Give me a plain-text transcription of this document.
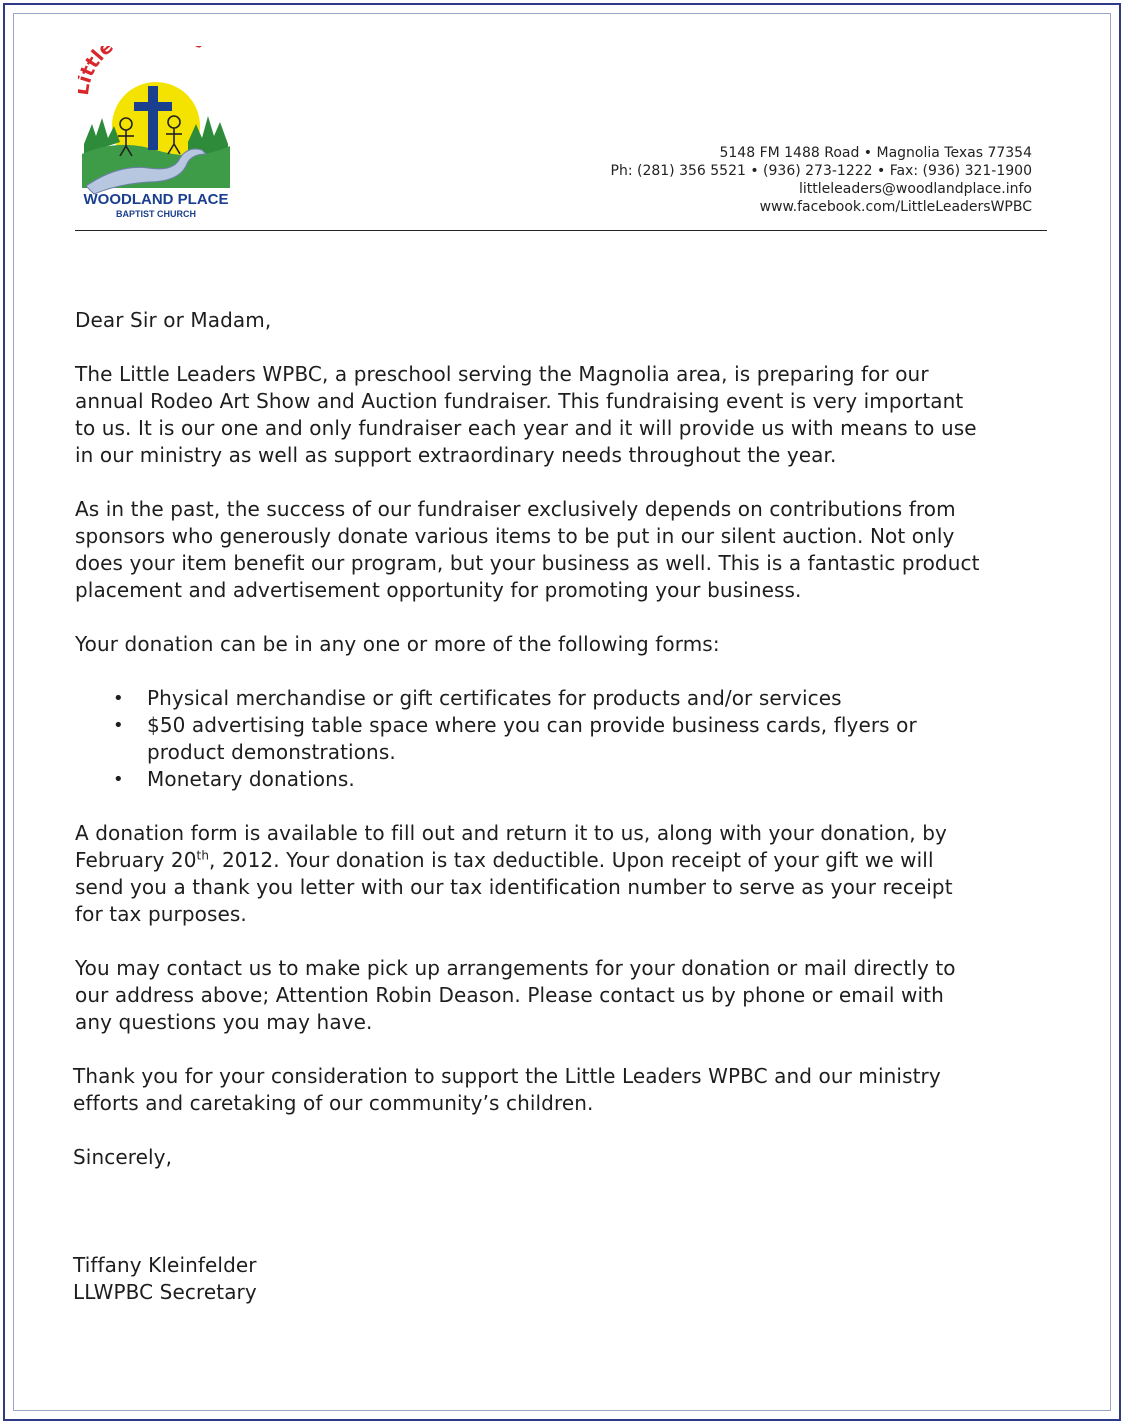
ttle
WOODLAND PLACE
BAPTIST CHURCH
5148 FM 1488 Road • Magnolia Texas 77354
Ph: (281) 356 5521 • (936) 273-1222 • Fax: (936) 321-1900
littleleaders@woodlandplace.info
www.facebook.com/LittleLeadersWPBC

Dear Sir or Madam,

The Little Leaders WPBC, a preschool serving the Magnolia area, is preparing for our
annual Rodeo Art Show and Auction fundraiser. This fundraising event is very important
to us. It is our one and only fundraiser each year and it will provide us with means to use
in our ministry as well as support extraordinary needs throughout the year.

As in the past, the success of our fundraiser exclusively depends on contributions from
sponsors who generously donate various items to be put in our silent auction. Not only
does your item benefit our program, but your business as well. This is a fantastic product
placement and advertisement opportunity for promoting your business.

Your donation can be in any one or more of the following forms:

• Physical merchandise or gift certificates for products and/or services
• $50 advertising table space where you can provide business cards, flyers or
product demonstrations.
• Monetary donations.

A donation form is available to fill out and return it to us, along with your donation, by
February 20th, 2012. Your donation is tax deductible. Upon receipt of your gift we will
send you a thank you letter with our tax identification number to serve as your receipt
for tax purposes.

You may contact us to make pick up arrangements for your donation or mail directly to
our address above; Attention Robin Deason. Please contact us by phone or email with
any questions you may have.

Thank you for your consideration to support the Little Leaders WPBC and our ministry
efforts and caretaking of our community’s children.

Sincerely,

Tiffany Kleinfelder
LLWPBC Secretary
